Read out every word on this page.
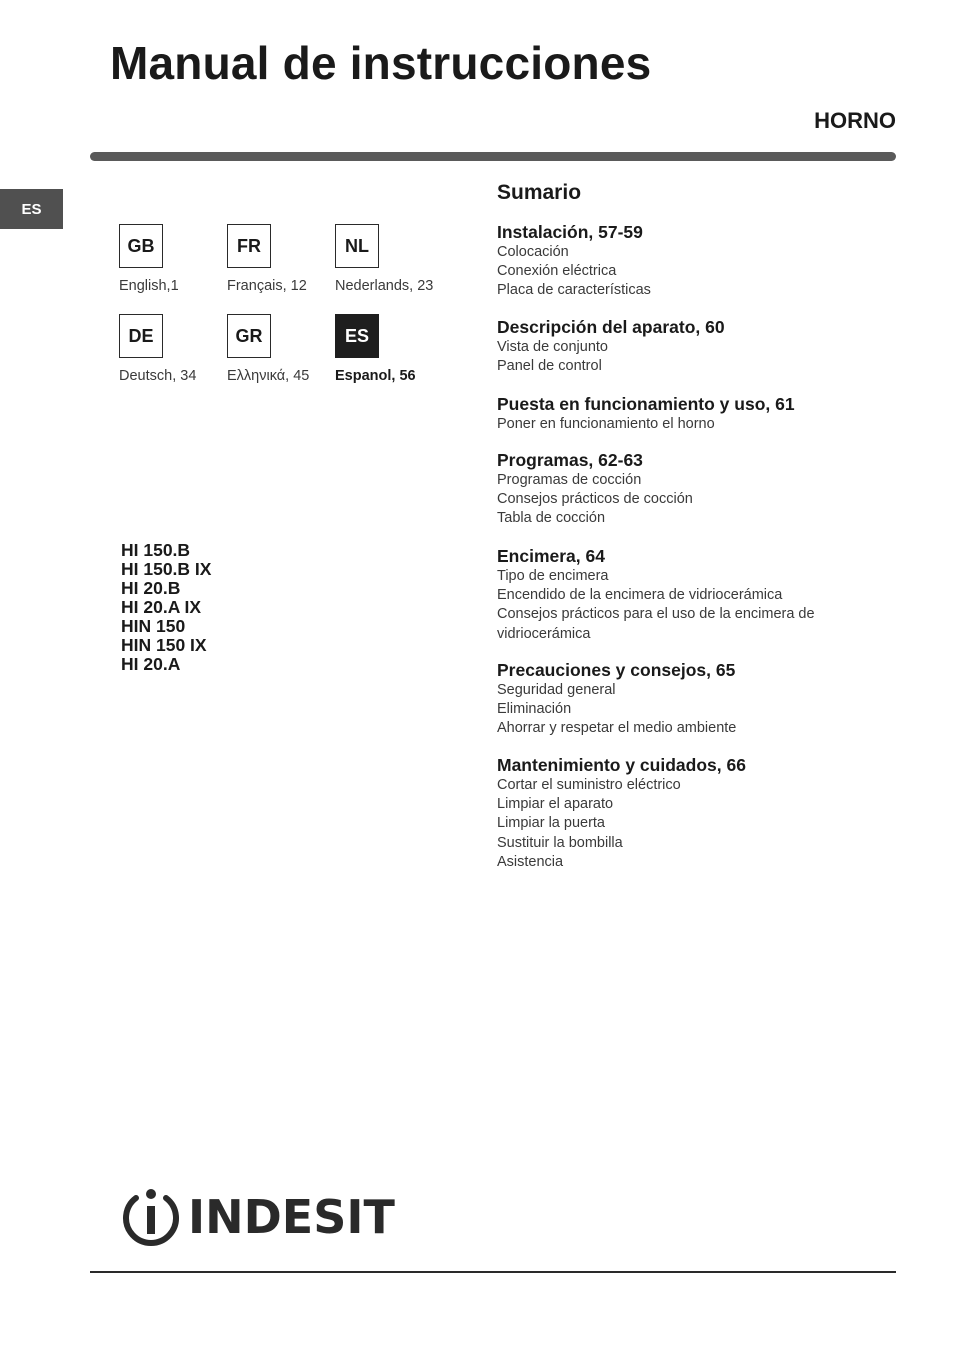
Manual de instrucciones
HORNO
ES
GB
English,1
FR
Français, 12
NL
Nederlands, 23
DE
Deutsch, 34
GR
Ελληνικά, 45
ES
Espanol, 56
HI 150.B
HI 150.B IX
HI 20.B
HI 20.A IX
HIN 150
HIN 150 IX
HI 20.A
Sumario
Instalación, 57-59
Colocación
Conexión eléctrica
Placa de características
Descripción del aparato, 60
Vista de conjunto
Panel de control
Puesta en funcionamiento y uso, 61
Poner en funcionamiento el horno
Programas, 62-63
Programas de cocción
Consejos prácticos de cocción
Tabla de cocción
Encimera, 64
Tipo de encimera
Encendido de la encimera de vidriocerámica
Consejos prácticos para el uso de la encimera de
vidriocerámica
Precauciones y consejos, 65
Seguridad general
Eliminación
Ahorrar y respetar el medio ambiente
Mantenimiento y cuidados, 66
Cortar el suministro eléctrico
Limpiar el aparato
Limpiar la puerta
Sustituir la bombilla
Asistencia
INDESIT
